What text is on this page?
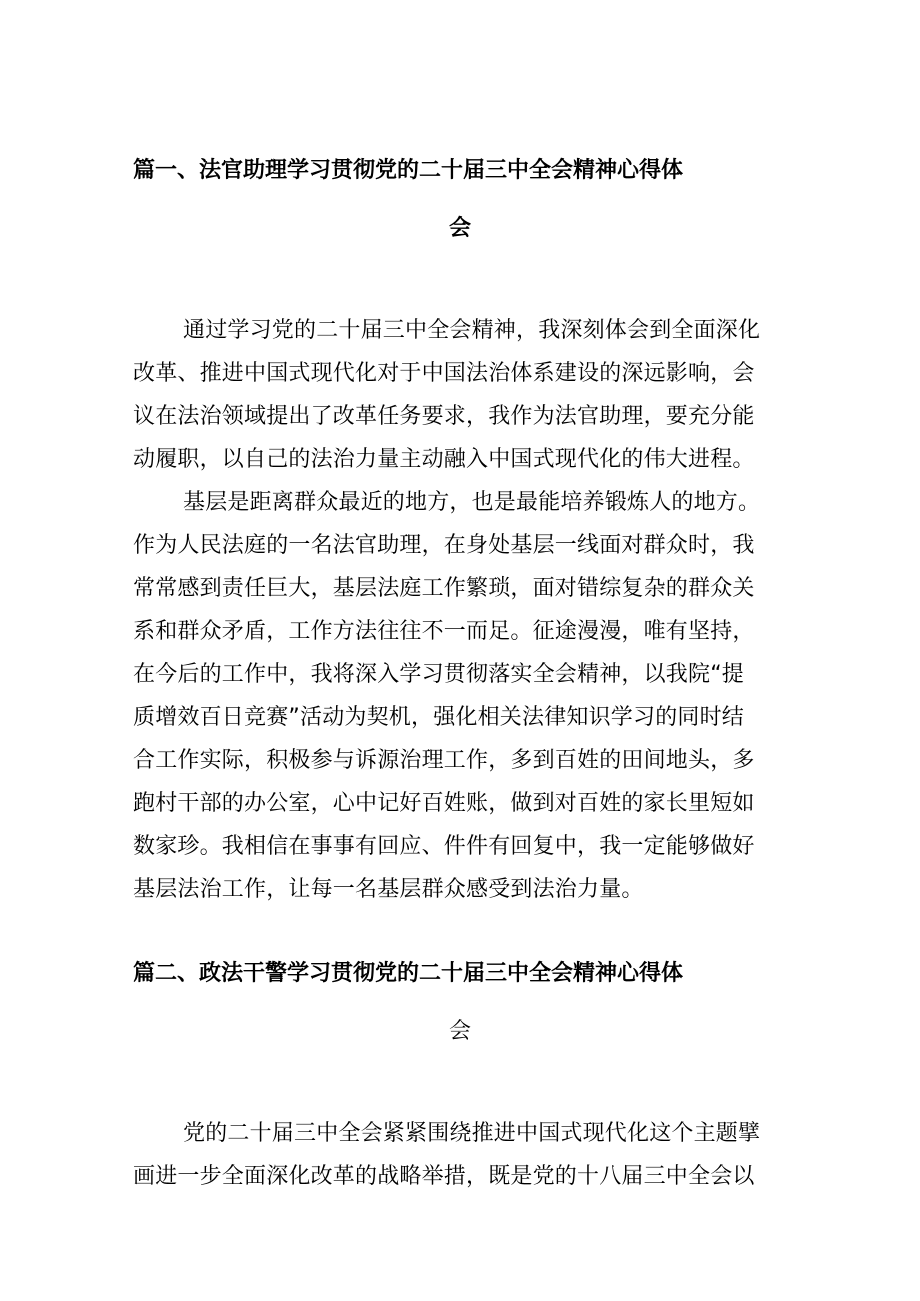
篇一、法官助理学习贯彻党的二十届三中全会精神心得体
会
通过学习党的二十届三中全会精神，我深刻体会到全面深化
改革、推进中国式现代化对于中国法治体系建设的深远影响，会
议在法治领域提出了改革任务要求，我作为法官助理，要充分能
动履职，以自己的法治力量主动融入中国式现代化的伟大进程。
基层是距离群众最近的地方，也是最能培养锻炼人的地方。
作为人民法庭的一名法官助理，在身处基层一线面对群众时，我
常常感到责任巨大，基层法庭工作繁琐，面对错综复杂的群众关
系和群众矛盾，工作方法往往不一而足。征途漫漫，唯有坚持，
在今后的工作中，我将深入学习贯彻落实全会精神，以我院“提
质增效百日竞赛”活动为契机，强化相关法律知识学习的同时结
合工作实际，积极参与诉源治理工作，多到百姓的田间地头，多
跑村干部的办公室，心中记好百姓账，做到对百姓的家长里短如
数家珍。我相信在事事有回应、件件有回复中，我一定能够做好
基层法治工作，让每一名基层群众感受到法治力量。
篇二、政法干警学习贯彻党的二十届三中全会精神心得体
会
党的二十届三中全会紧紧围绕推进中国式现代化这个主题擘
画进一步全面深化改革的战略举措，既是党的十八届三中全会以
